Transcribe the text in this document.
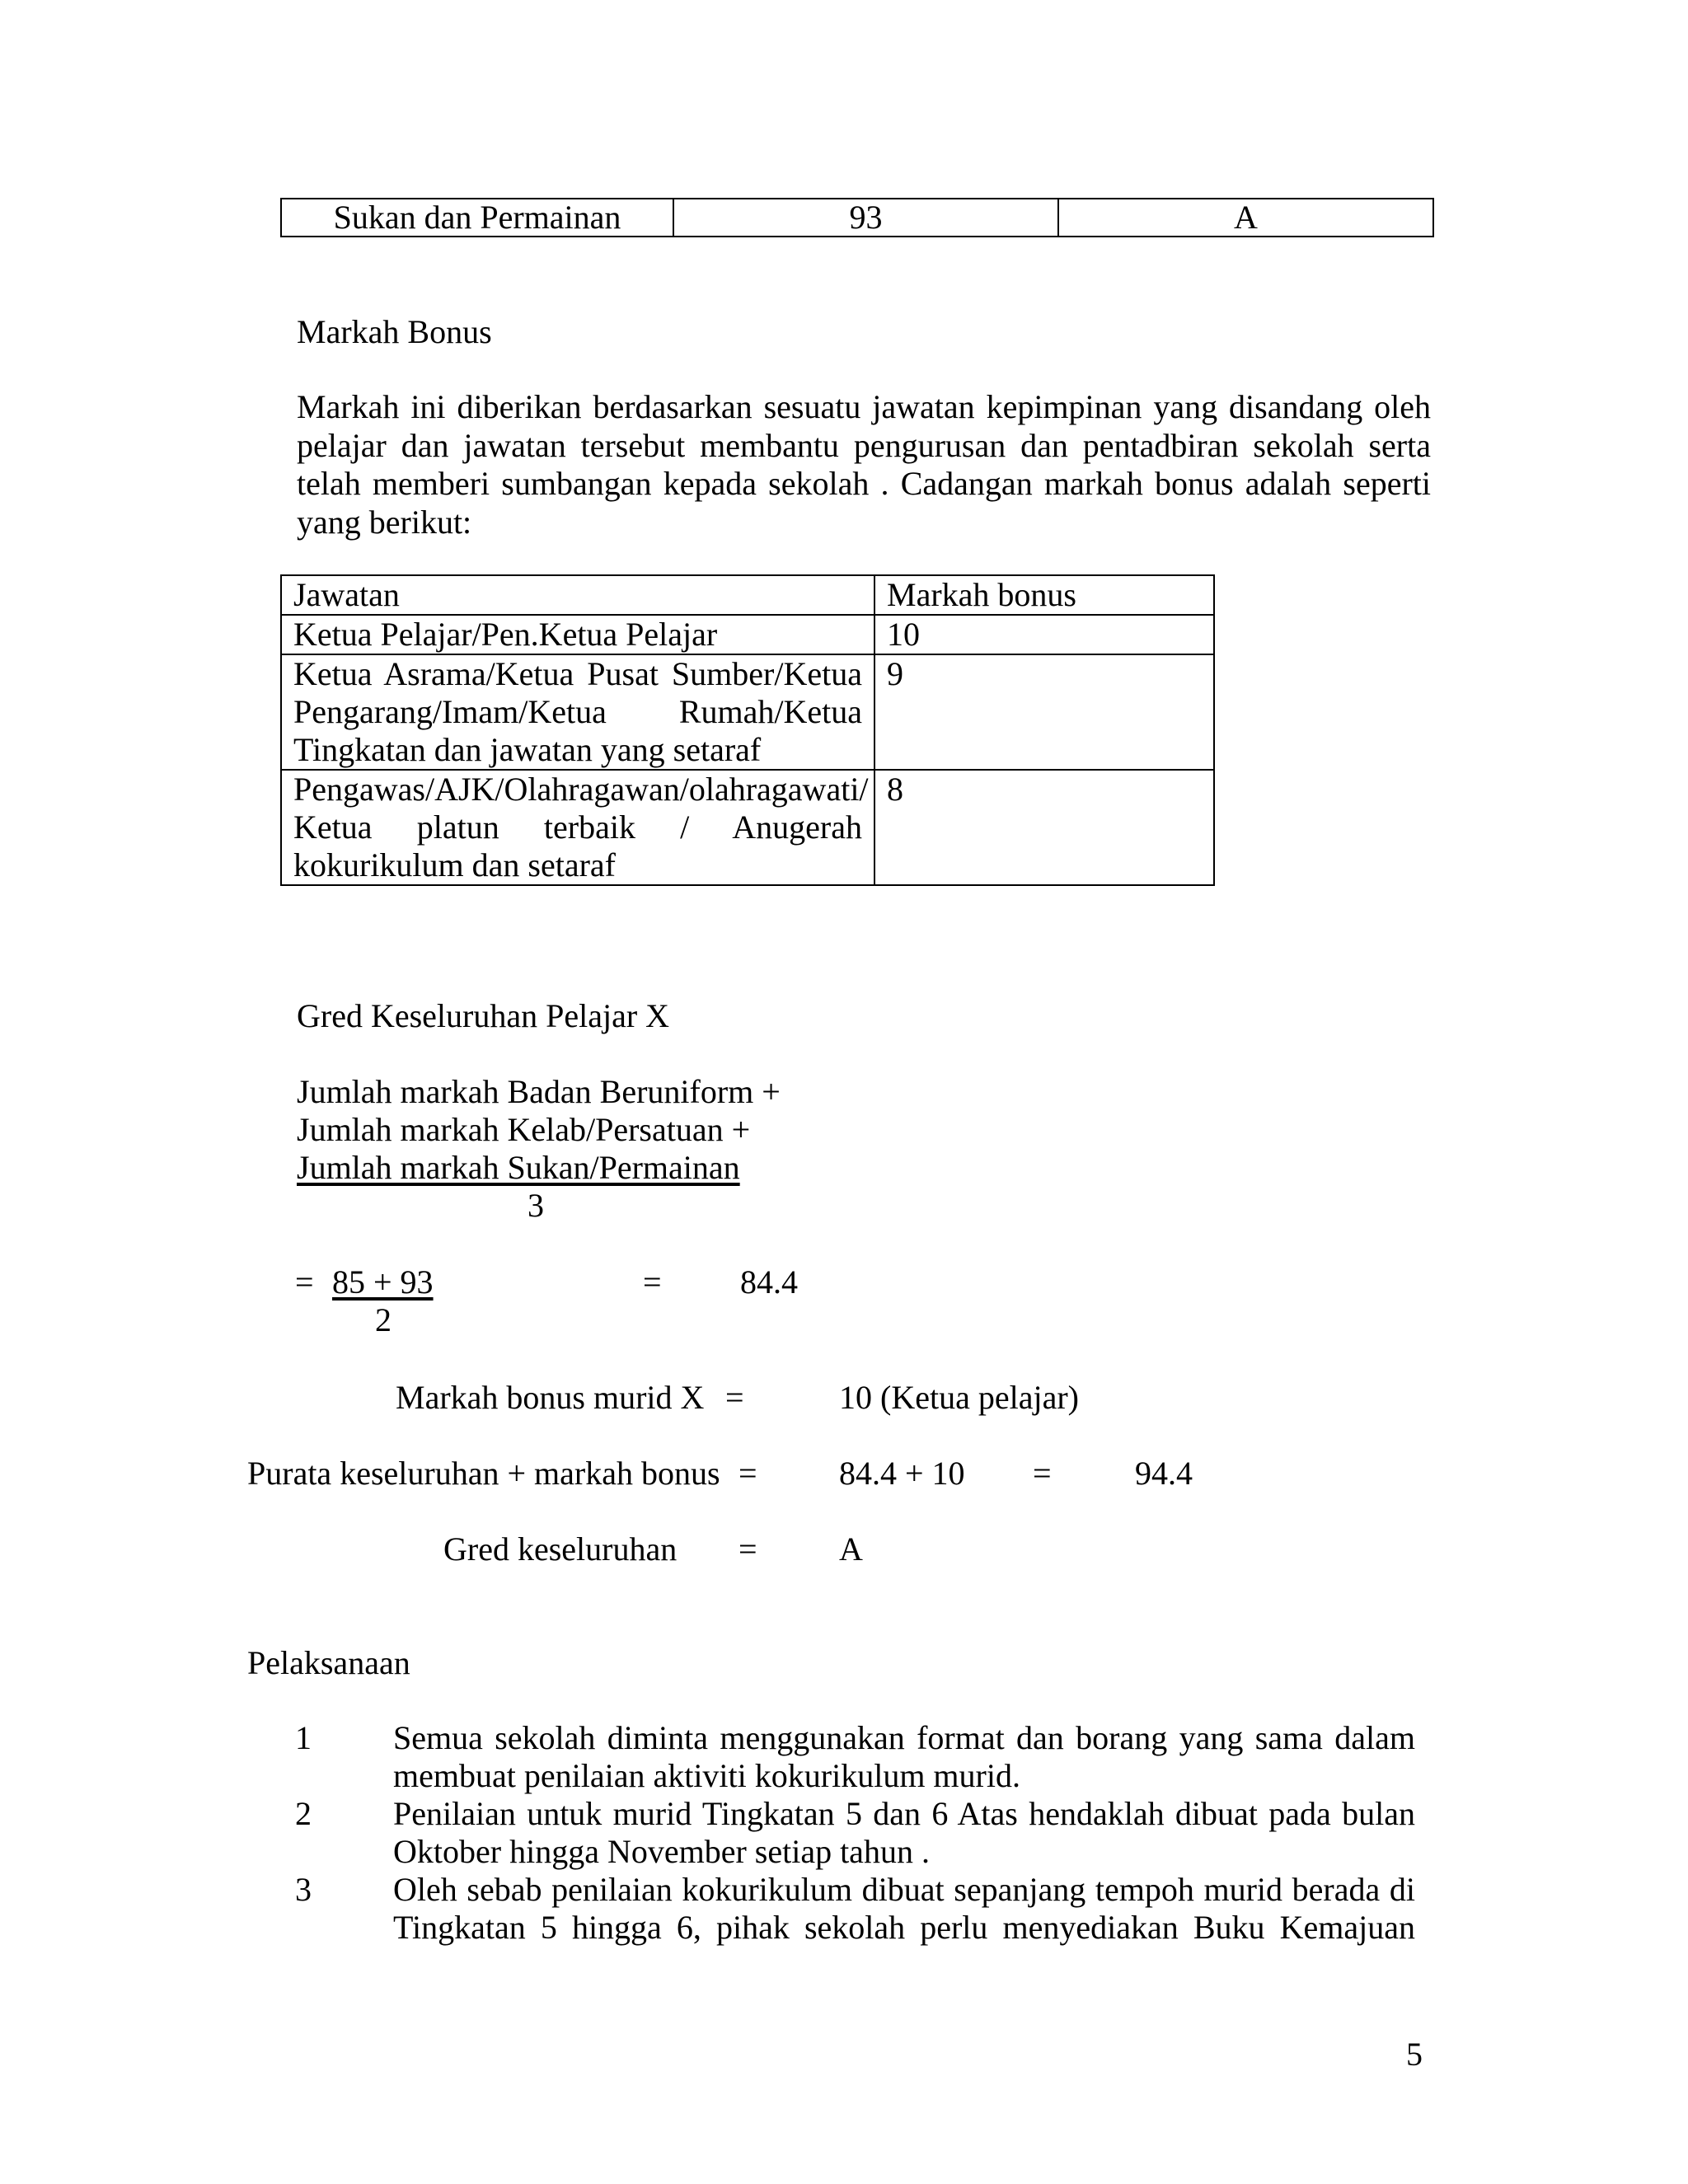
Sukan dan Permainan	93	A
Markah Bonus
Markah ini diberikan berdasarkan sesuatu jawatan kepimpinan yang disandang oleh pelajar dan jawatan tersebut membantu pengurusan dan pentadbiran sekolah serta telah memberi sumbangan kepada sekolah . Cadangan markah bonus adalah seperti yang berikut:
Jawatan	Markah bonus
Ketua Pelajar/Pen.Ketua Pelajar	10
Ketua Asrama/Ketua Pusat Sumber/Ketua Pengarang/Imam/Ketua Rumah/Ketua Tingkatan dan jawatan yang setaraf	9
Pengawas/AJK/Olahragawan/olahragawati/ Ketua platun terbaik / Anugerah kokurikulum dan setaraf	8
Gred Keseluruhan Pelajar X
Jumlah markah Badan Beruniform +
Jumlah markah Kelab/Persatuan +
Jumlah markah Sukan/Permainan
3
= 85 + 93
2
= 84.4
Markah bonus murid X =	10 (Ketua pelajar)
Purata keseluruhan + markah bonus = 84.4 + 10 =	94.4
Gred keseluruhan = A
Pelaksanaan
1 Semua sekolah diminta menggunakan format dan borang yang sama dalam membuat penilaian aktiviti kokurikulum murid.
2 Penilaian untuk murid Tingkatan 5 dan 6 Atas hendaklah dibuat pada bulan Oktober hingga November setiap tahun .
3 Oleh sebab penilaian kokurikulum dibuat sepanjang tempoh murid berada di Tingkatan 5 hingga 6, pihak sekolah perlu menyediakan Buku Kemajuan
5
